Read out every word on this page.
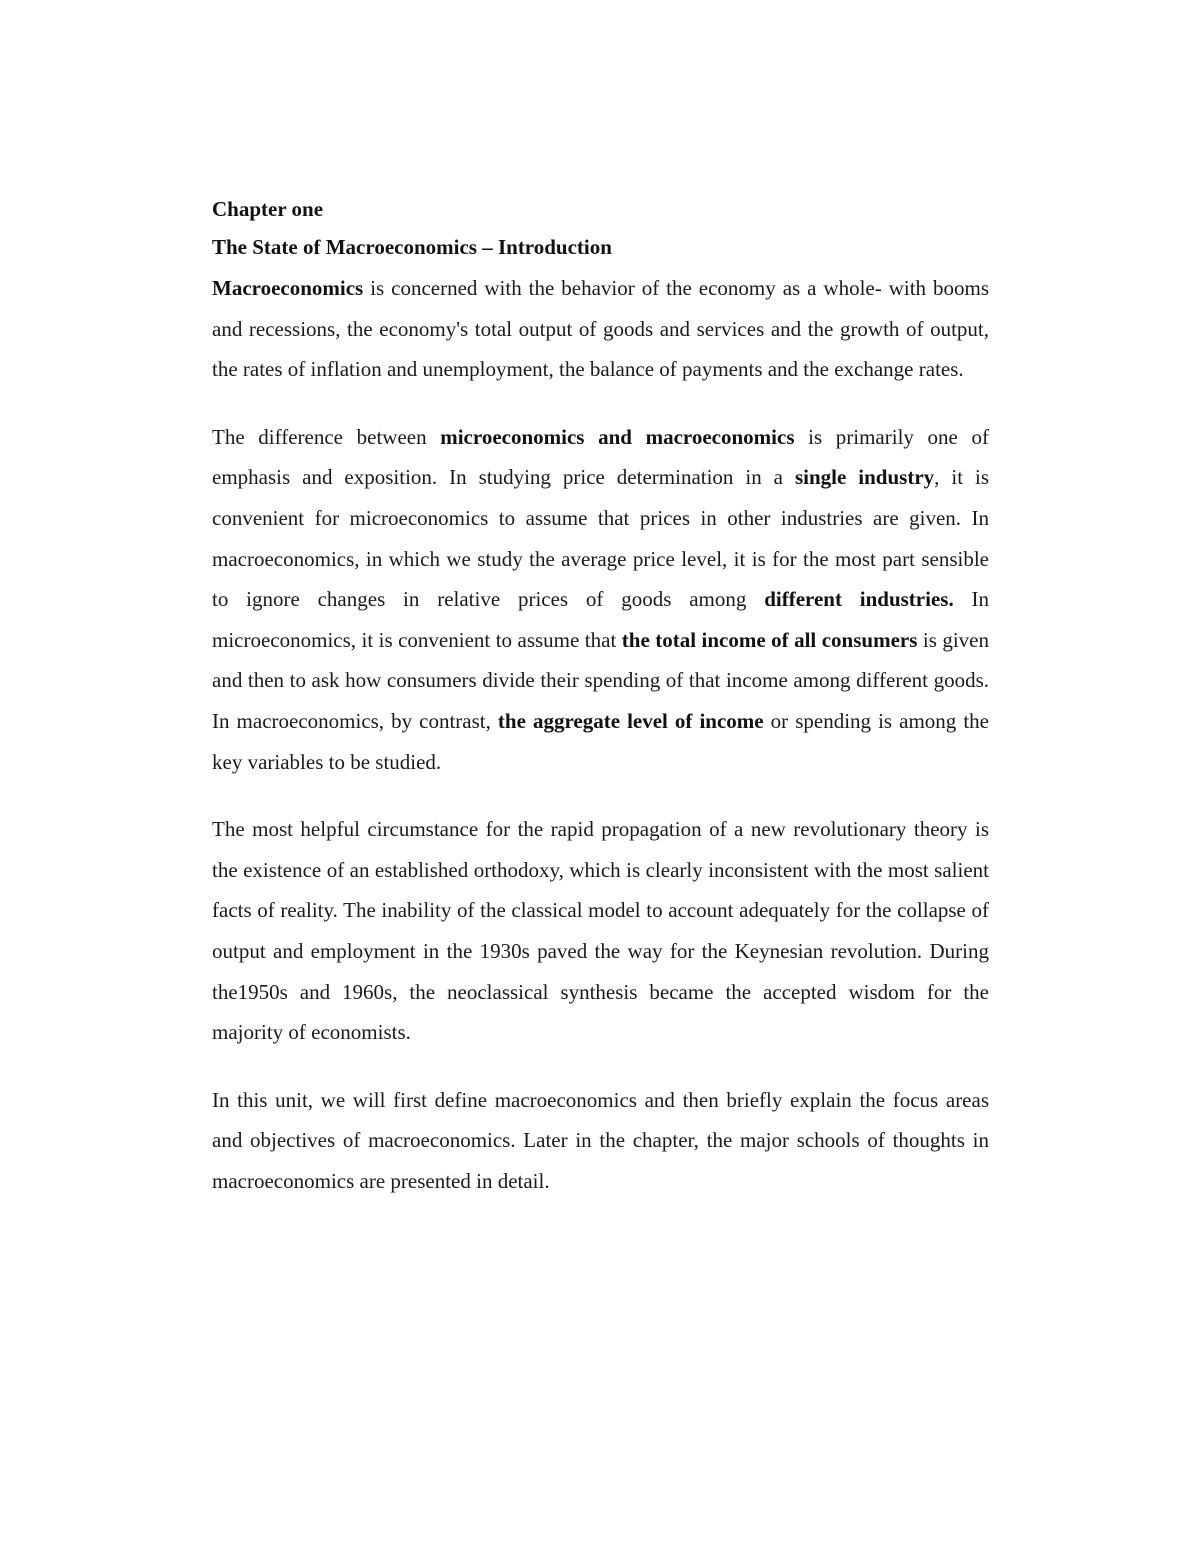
Chapter one

The State of Macroeconomics – Introduction

Macroeconomics is concerned with the behavior of the economy as a whole- with booms and recessions, the economy's total output of goods and services and the growth of output, the rates of inflation and unemployment, the balance of payments and the exchange rates.

The difference between microeconomics and macroeconomics is primarily one of emphasis and exposition. In studying price determination in a single industry, it is convenient for microeconomics to assume that prices in other industries are given. In macroeconomics, in which we study the average price level, it is for the most part sensible to ignore changes in relative prices of goods among different industries. In microeconomics, it is convenient to assume that the total income of all consumers is given and then to ask how consumers divide their spending of that income among different goods. In macroeconomics, by contrast, the aggregate level of income or spending is among the key variables to be studied.

The most helpful circumstance for the rapid propagation of a new revolutionary theory is the existence of an established orthodoxy, which is clearly inconsistent with the most salient facts of reality. The inability of the classical model to account adequately for the collapse of output and employment in the 1930s paved the way for the Keynesian revolution. During the1950s and 1960s, the neoclassical synthesis became the accepted wisdom for the majority of economists.

In this unit, we will first define macroeconomics and then briefly explain the focus areas and objectives of macroeconomics. Later in the chapter, the major schools of thoughts in macroeconomics are presented in detail.
